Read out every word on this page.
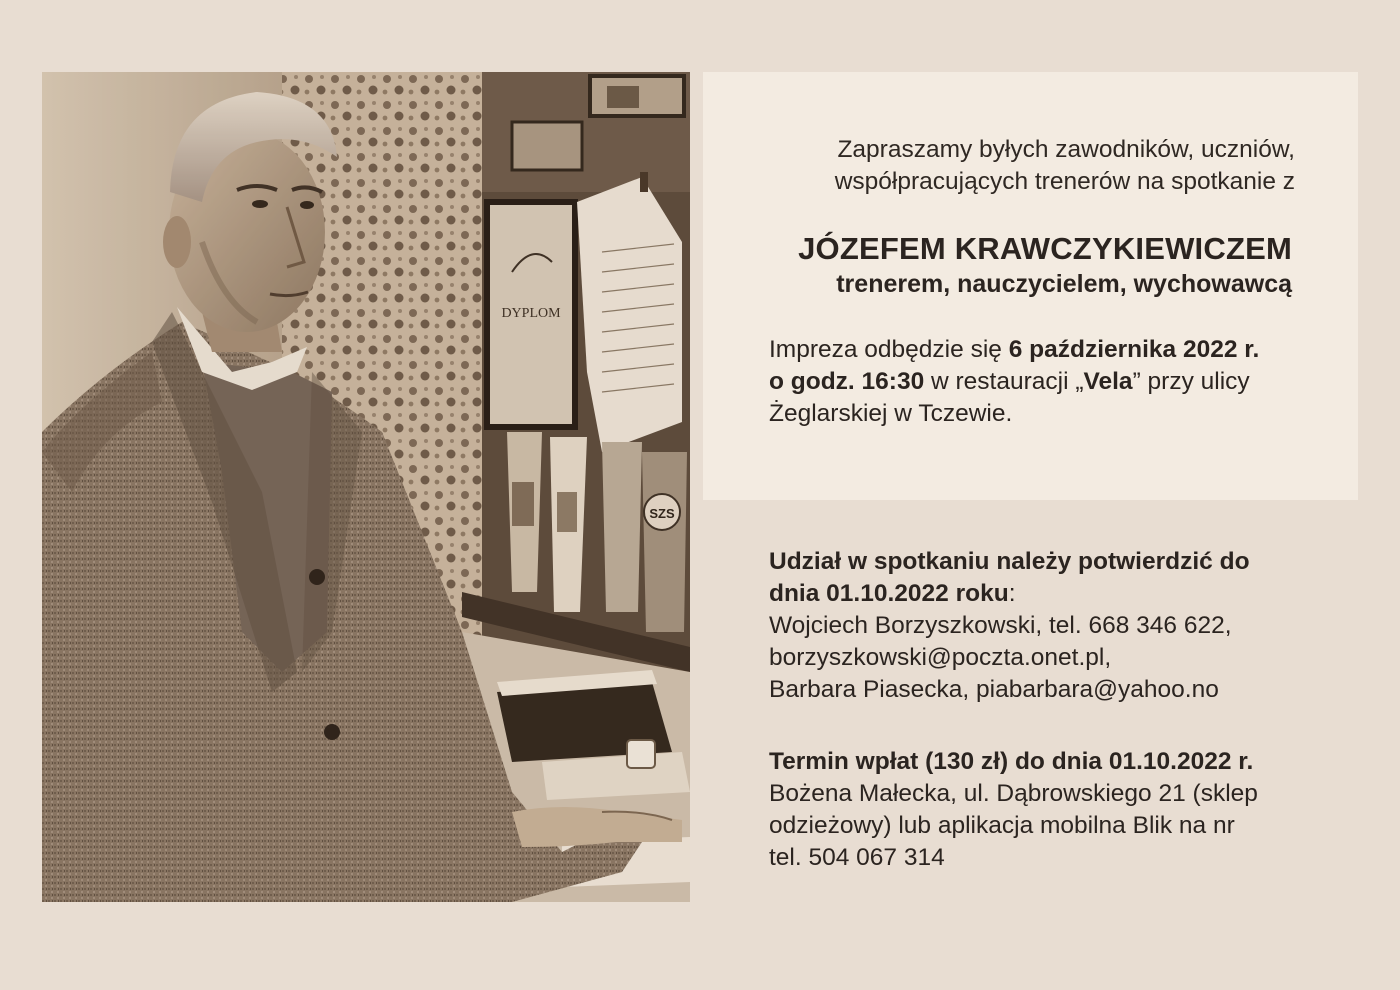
DYPLOM
SZS
Zapraszamy byłych zawodników, uczniów,
współpracujących trenerów na spotkanie z
JÓZEFEM KRAWCZYKIEWICZEM
trenerem, nauczycielem, wychowawcą
Impreza odbędzie się 6 października 2022 r.
o godz. 16:30 w restauracji „Vela” przy ulicy
Żeglarskiej w Tczewie.
Udział w spotkaniu należy potwierdzić do
dnia 01.10.2022 roku:
Wojciech Borzyszkowski, tel. 668 346 622,
borzyszkowski@poczta.onet.pl,
Barbara Piasecka, piabarbara@yahoo.no
Termin wpłat (130 zł) do dnia 01.10.2022 r.
Bożena Małecka, ul. Dąbrowskiego 21 (sklep
odzieżowy) lub aplikacja mobilna Blik na nr
tel. 504 067 314
